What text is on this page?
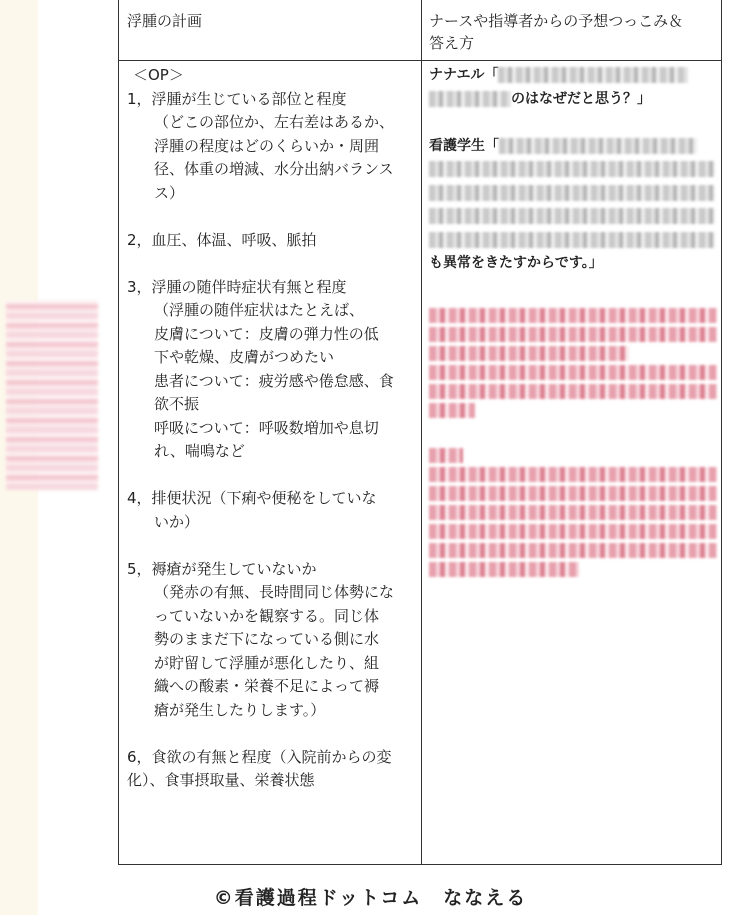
浮腫の計画	ナースや指導者からの予想つっこみ＆
答え方
＜OP＞
1，浮腫が生じている部位と程度
（どこの部位か、左右差はあるか、
浮腫の程度はどのくらいか・周囲
径、体重の増減、水分出納バランス
ス）
2，血圧、体温、呼吸、脈拍
3，浮腫の随伴時症状有無と程度
（浮腫の随伴症状はたとえば、
皮膚について：皮膚の弾力性の低
下や乾燥、皮膚がつめたい
患者について：疲労感や倦怠感、食
欲不振
呼吸について：呼吸数増加や息切
れ、喘鳴など
4，排便状況（下痢や便秘をしていな
いか）
5，褥瘡が発生していないか
（発赤の有無、長時間同じ体勢にな
っていないかを観察する。同じ体
勢のままだ下になっている側に水
が貯留して浮腫が悪化したり、組
織への酸素・栄養不足によって褥
瘡が発生したりします。）
6，食欲の有無と程度（入院前からの変
化）、食事摂取量、栄養状態
ナナエル「
のはなぜだと思う？」
看護学生「
も異常をきたすからです。」
©看護過程ドットコム　ななえる
